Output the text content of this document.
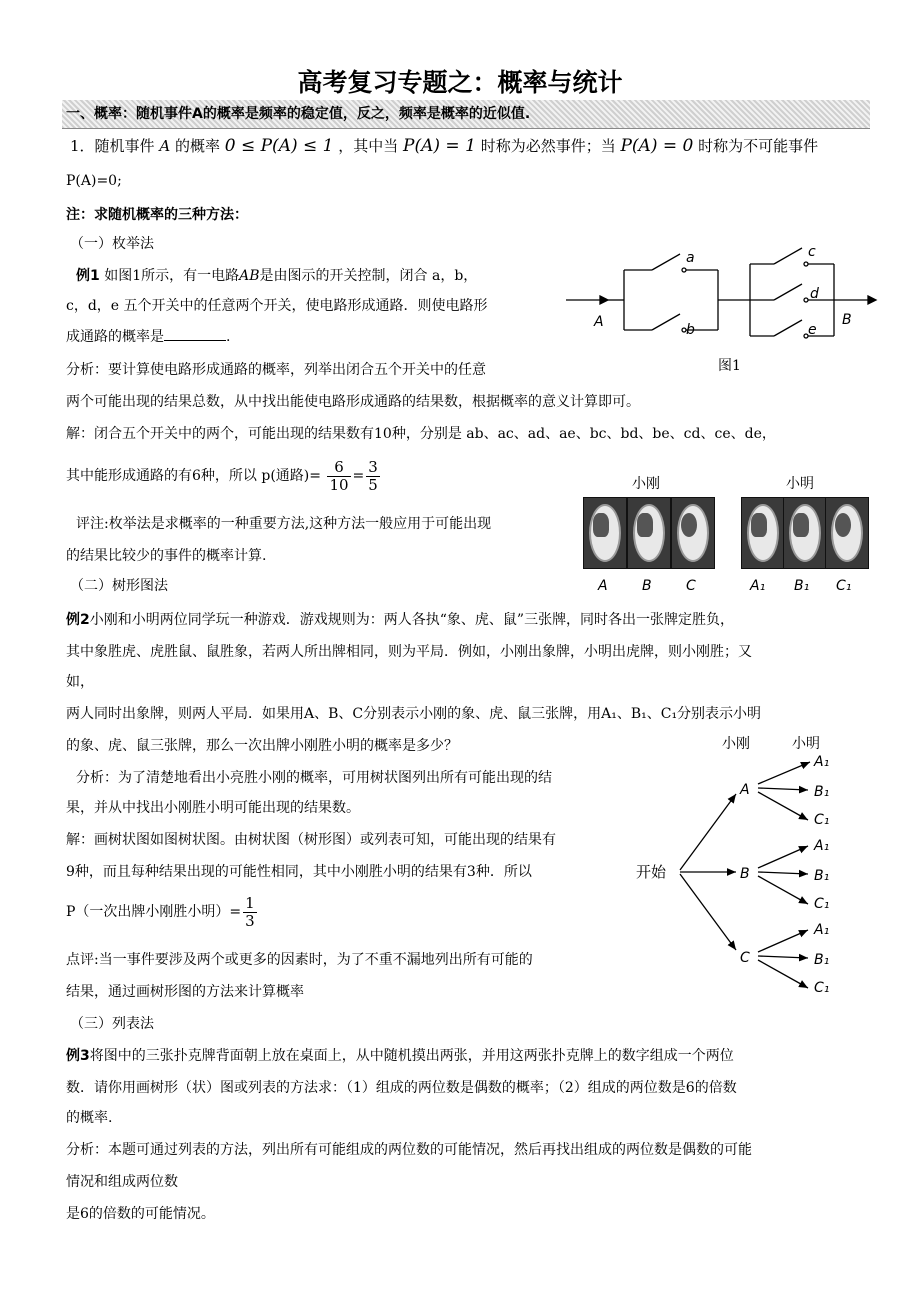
高考复习专题之：概率与统计
一、概率：随机事件A的概率是频率的稳定值，反之，频率是概率的近似值.
1．随机事件 A 的概率 0 ≤ P(A) ≤ 1 ，其中当 P(A) = 1 时称为必然事件；当 P(A) = 0 时称为不可能事件
P(A)=0;
注：求随机概率的三种方法：
（一）枚举法
例1 如图1所示，有一电路AB是由图示的开关控制，闭合 a，b，
c，d，e 五个开关中的任意两个开关，使电路形成通路．则使电路形
成通路的概率是	.
分析：要计算使电路形成通路的概率，列举出闭合五个开关中的任意
两个可能出现的结果总数，从中找出能使电路形成通路的结果数，根据概率的意义计算即可。
解：闭合五个开关中的两个，可能出现的结果数有10种，分别是 ab、ac、ad、ae、bc、bd、be、cd、ce、de，
其中能形成通路的有6种，所以 p(通路)= $\frac{6}{10} = \frac{3}{5}$
评注:枚举法是求概率的一种重要方法,这种方法一般应用于可能出现
的结果比较少的事件的概率计算.
（二）树形图法
例2小刚和小明两位同学玩一种游戏．游戏规则为：两人各执“象、虎、鼠”三张牌，同时各出一张牌定胜负，
其中象胜虎、虎胜鼠、鼠胜象，若两人所出牌相同，则为平局．例如，小刚出象牌，小明出虎牌，则小刚胜；又
如，
两人同时出象牌，则两人平局．如果用A、B、C分别表示小刚的象、虎、鼠三张牌，用A₁、B₁、C₁分别表示小明
的象、虎、鼠三张牌，那么一次出牌小刚胜小明的概率是多少？
分析：为了清楚地看出小亮胜小刚的概率，可用树状图列出所有可能出现的结
果，并从中找出小刚胜小明可能出现的结果数。
解：画树状图如图树状图。由树状图（树形图）或列表可知，可能出现的结果有
9种，而且每种结果出现的可能性相同，其中小刚胜小明的结果有3种．所以
P（一次出牌小刚胜小明）= $\frac{1}{3}$
点评:当一事件要涉及两个或更多的因素时，为了不重不漏地列出所有可能的
结果，通过画树形图的方法来计算概率
（三）列表法
例3将图中的三张扑克牌背面朝上放在桌面上，从中随机摸出两张，并用这两张扑克牌上的数字组成一个两位
数．请你用画树形（状）图或列表的方法求：（1）组成的两位数是偶数的概率；（2）组成的两位数是6的倍数
的概率.
分析：本题可通过列表的方法，列出所有可能组成的两位数的可能情况，然后再找出组成的两位数是偶数的可能
情况和组成两位数
是6的倍数的可能情况。
a
b
c
d
e
A	B
图1
小刚	小明
A B C	A₁ B₁ C₁
小刚	小明
开始
A
B
C
A₁
B₁
C₁
A₁
B₁
C₁
A₁
B₁
C₁
